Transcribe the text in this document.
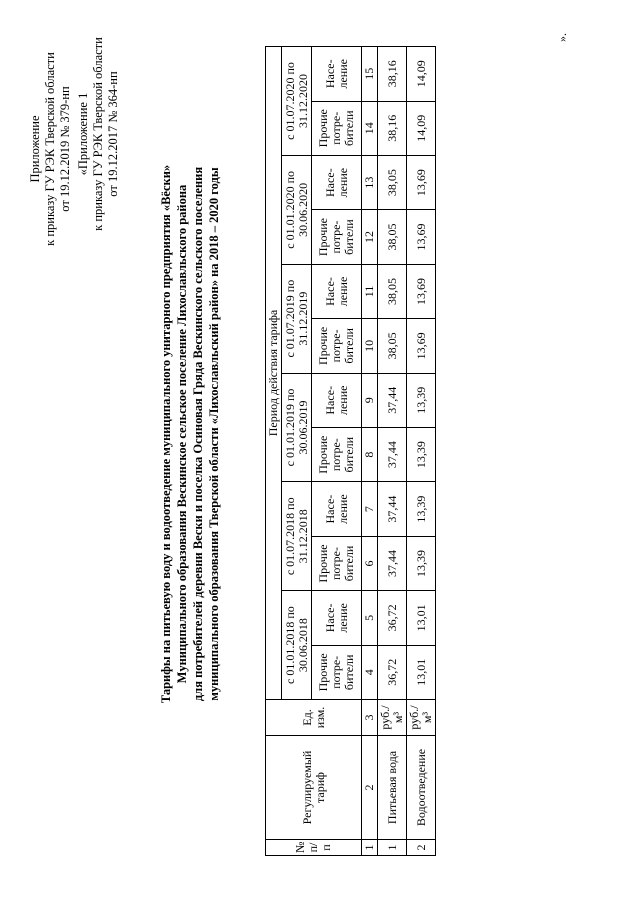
Приложение к приказу ГУ РЭК Тверской области от 19.12.2019 № 379-нп «Приложение 1 к приказу ГУ РЭК Тверской области от 19.12.2017 № 364-нп
Тарифы на питьевую воду и водоотведение муниципального унитарного предприятия «Вёски» Муниципального образования Вескинское сельское поселение Лихославльского района для потребителей деревни Вески и поселка Осиновая Гряда Вескинского сельского поселения муниципального образования Тверской области «Лихославльский район» на 2018 – 2020 годы
№ п/п	Регулируемый тариф	Ед. изм.	Период действия тарифа											
			с 01.01.2018 по 30.06.2018		с 01.07.2018 по 31.12.2018		с 01.01.2019 по 30.06.2019		с 01.07.2019 по 31.12.2019		с 01.01.2020 по 30.06.2020		с 01.07.2020 по 31.12.2020	
			Прочие потре-бители	Насе-ление	Прочие потре-бители	Насе-ление	Прочие потре-бители	Насе-ление	Прочие потре-бители	Насе-ление	Прочие потре-бители	Насе-ление	Прочие потре-бители	Насе-ление
1	2	3	4	5	6	7	8	9	10	11	12	13	14	15
1	Питьевая вода	руб./м³	36,72	36,72	37,44	37,44	37,44	37,44	38,05	38,05	38,05	38,05	38,16	38,16
2	Водоотведение	руб./м³	13,01	13,01	13,39	13,39	13,39	13,39	13,69	13,69	13,69	13,69	14,09	14,09
».
